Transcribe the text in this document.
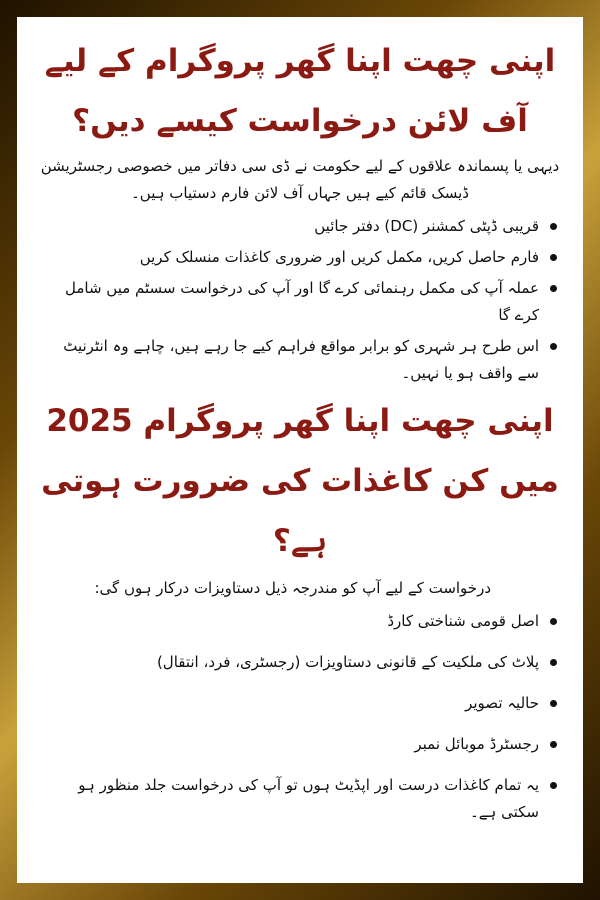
اپنی چھت اپنا گھر پروگرام کے لیے آف لائن درخواست کیسے دیں؟

دیہی یا پسماندہ علاقوں کے لیے حکومت نے ڈی سی دفاتر میں خصوصی رجسٹریشن ڈیسک قائم کیے ہیں جہاں آف لائن فارم دستیاب ہیں۔

قریبی ڈپٹی کمشنر (DC) دفتر جائیں
فارم حاصل کریں، مکمل کریں اور ضروری کاغذات منسلک کریں
عملہ آپ کی مکمل رہنمائی کرے گا اور آپ کی درخواست سسٹم میں شامل کرے گا
اس طرح ہر شہری کو برابر مواقع فراہم کیے جا رہے ہیں، چاہے وہ انٹرنیٹ سے واقف ہو یا نہیں۔
اپنی چھت اپنا گھر پروگرام 2025 میں کن کاغذات کی ضرورت ہوتی ہے؟

درخواست کے لیے آپ کو مندرجہ ذیل دستاویزات درکار ہوں گی:

اصل قومی شناختی کارڈ
پلاٹ کی ملکیت کے قانونی دستاویزات (رجسٹری، فرد، انتقال)
حالیہ تصویر
رجسٹرڈ موبائل نمبر
یہ تمام کاغذات درست اور اپڈیٹ ہوں تو آپ کی درخواست جلد منظور ہو سکتی ہے۔
